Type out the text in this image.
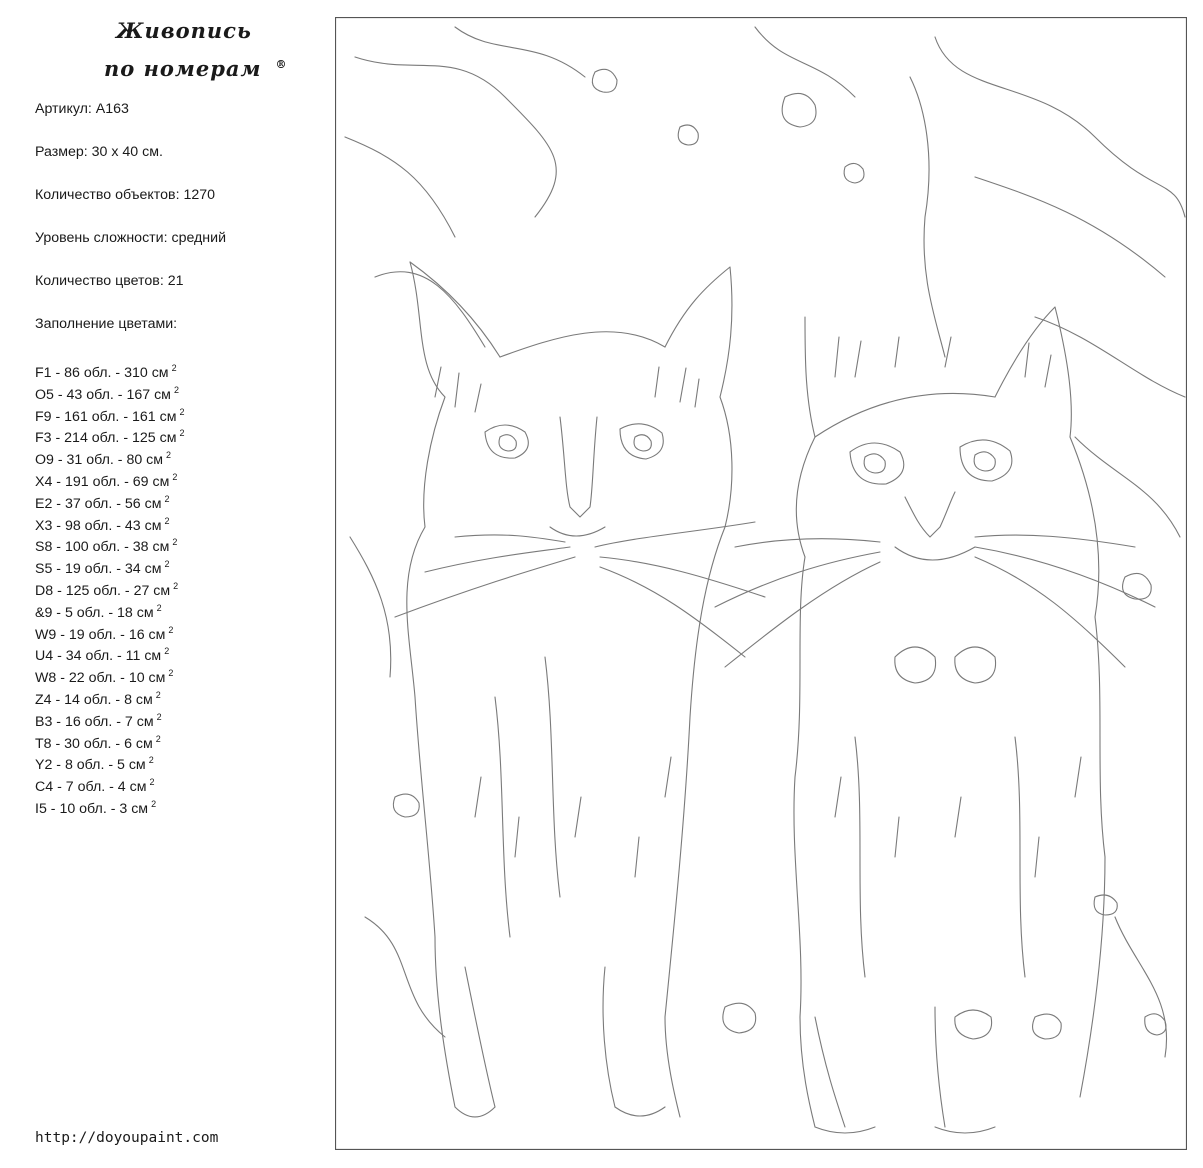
Живопись
по номерам ®
Артикул: A163
Размер: 30 x 40 см.
Количество объектов: 1270
Уровень сложности: средний
Количество цветов: 21
Заполнение цветами:
F1 - 86 обл. - 310 см $^2$
O5 - 43 обл. - 167 см $^2$
F9 - 161 обл. - 161 см $^2$
F3 - 214 обл. - 125 см $^2$
O9 - 31 обл. - 80 см $^2$
X4 - 191 обл. - 69 см $^2$
E2 - 37 обл. - 56 см $^2$
X3 - 98 обл. - 43 см $^2$
S8 - 100 обл. - 38 см $^2$
S5 - 19 обл. - 34 см $^2$
D8 - 125 обл. - 27 см $^2$
&9 - 5 обл. - 18 см $^2$
W9 - 19 обл. - 16 см $^2$
U4 - 34 обл. - 11 см $^2$
W8 - 22 обл. - 10 см $^2$
Z4 - 14 обл. - 8 см $^2$
B3 - 16 обл. - 7 см $^2$
T8 - 30 обл. - 6 см $^2$
Y2 - 8 обл. - 5 см $^2$
C4 - 7 обл. - 4 см $^2$
I5 - 10 обл. - 3 см $^2$
http://doyoupaint.com
